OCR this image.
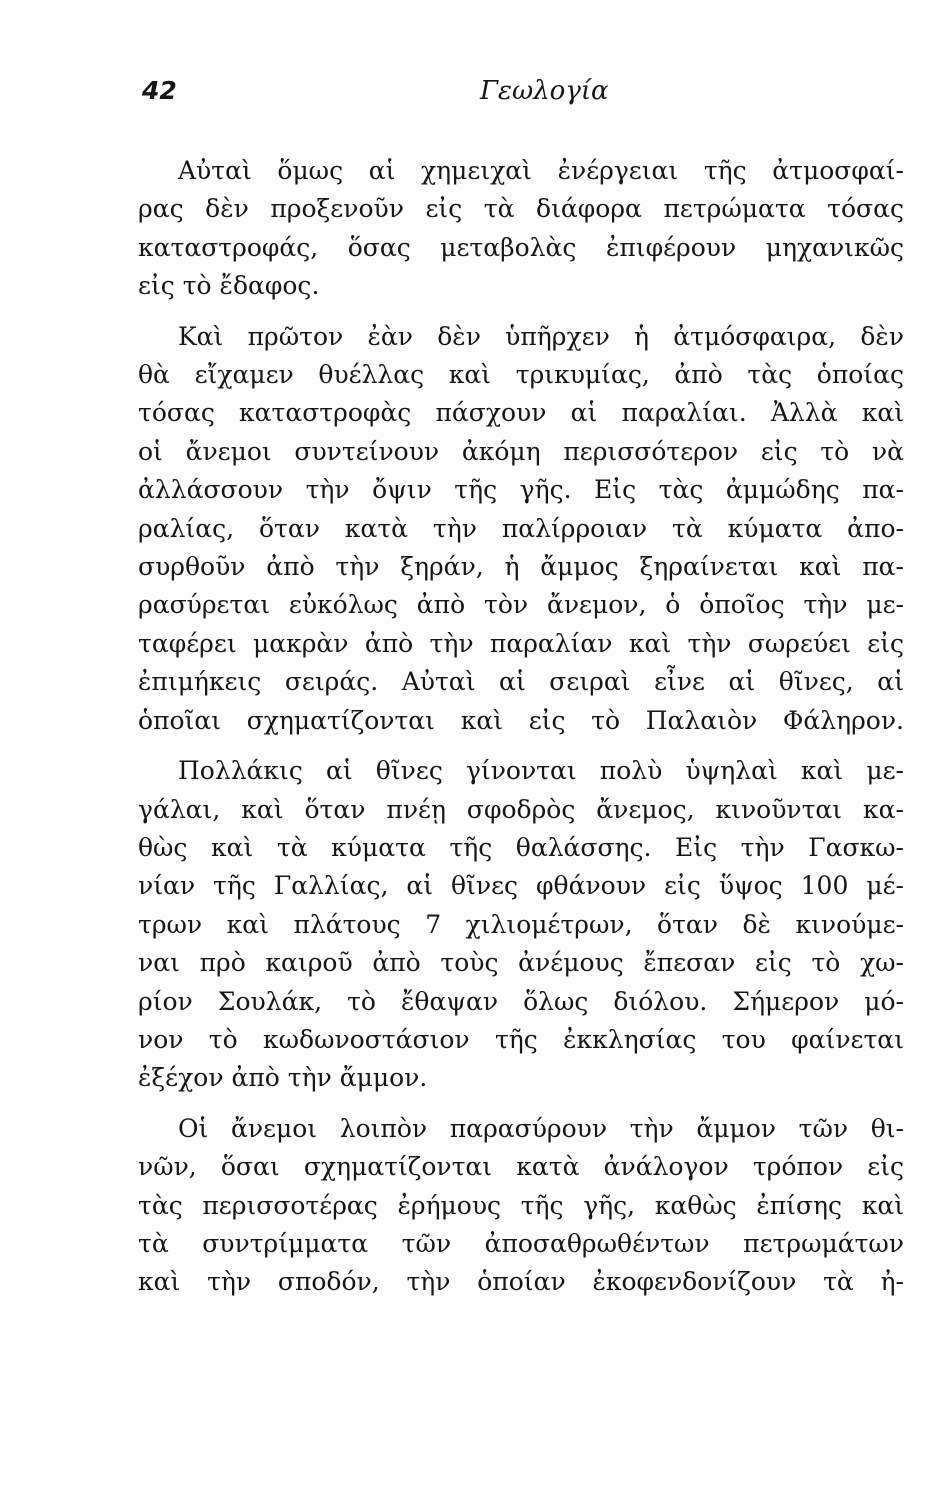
42	Γεωλογία

Αὐταὶ ὅμως αἱ χημειχαὶ ἐνέργειαι τῆς ἀτμοσφαί-
ρας δὲν προξενοῦν εἰς τὰ διάφορα πετρώματα τόσας
καταστροφάς, ὅσας μεταβολὰς ἐπιφέρουν μηχανικῶς
εἰς τὸ ἔδαφος.

Καὶ πρῶτον ἐὰν δὲν ὑπῆρχεν ἡ ἀτμόσφαιρα, δὲν
θὰ εἴχαμεν θυέλλας καὶ τρικυμίας, ἀπὸ τὰς ὁποίας
τόσας καταστροφὰς πάσχουν αἱ παραλίαι. Ἀλλὰ καὶ
οἱ ἄνεμοι συντείνουν ἀκόμη περισσότερον εἰς τὸ νὰ
ἀλλάσσουν τὴν ὄψιν τῆς γῆς. Εἰς τὰς ἀμμώδης πα-
ραλίας, ὅταν κατὰ τὴν παλίρροιαν τὰ κύματα ἀπο-
συρθοῦν ἀπὸ τὴν ξηράν, ἡ ἄμμος ξηραίνεται καὶ πα-
ρασύρεται εὐκόλως ἀπὸ τὸν ἄνεμον, ὁ ὁποῖος τὴν με-
ταφέρει μακρὰν ἀπὸ τὴν παραλίαν καὶ τὴν σωρεύει εἰς
ἐπιμήκεις σειράς. Αὐταὶ αἱ σειραὶ εἶνε αἱ θῖνες, αἱ
ὁποῖαι σχηματίζονται καὶ εἰς τὸ Παλαιὸν Φάληρον.

Πολλάκις αἱ θῖνες γίνονται πολὺ ὑψηλαὶ καὶ με-
γάλαι, καὶ ὅταν πνέῃ σφοδρὸς ἄνεμος, κινοῦνται κα-
θὼς καὶ τὰ κύματα τῆς θαλάσσης. Εἰς τὴν Γασκω-
νίαν τῆς Γαλλίας, αἱ θῖνες φθάνουν εἰς ὕψος 100 μέ-
τρων καὶ πλάτους 7 χιλιομέτρων, ὅταν δὲ κινούμε-
ναι πρὸ καιροῦ ἀπὸ τοὺς ἀνέμους ἔπεσαν εἰς τὸ χω-
ρίον Σουλάκ, τὸ ἔθαψαν ὅλως διόλου. Σήμερον μό-
νον τὸ κωδωνοστάσιον τῆς ἐκκλησίας του φαίνεται
ἐξέχον ἀπὸ τὴν ἄμμον.

Οἱ ἄνεμοι λοιπὸν παρασύρουν τὴν ἄμμον τῶν θι-
νῶν, ὅσαι σχηματίζονται κατὰ ἀνάλογον τρόπον εἰς
τὰς περισσοτέρας ἐρήμους τῆς γῆς, καθὼς ἐπίσης καὶ
τὰ συντρίμματα τῶν ἀποσαθρωθέντων πετρωμάτων
καὶ τὴν σποδόν, τὴν ὁποίαν ἐκοφενδονίζουν τὰ ἠ-
